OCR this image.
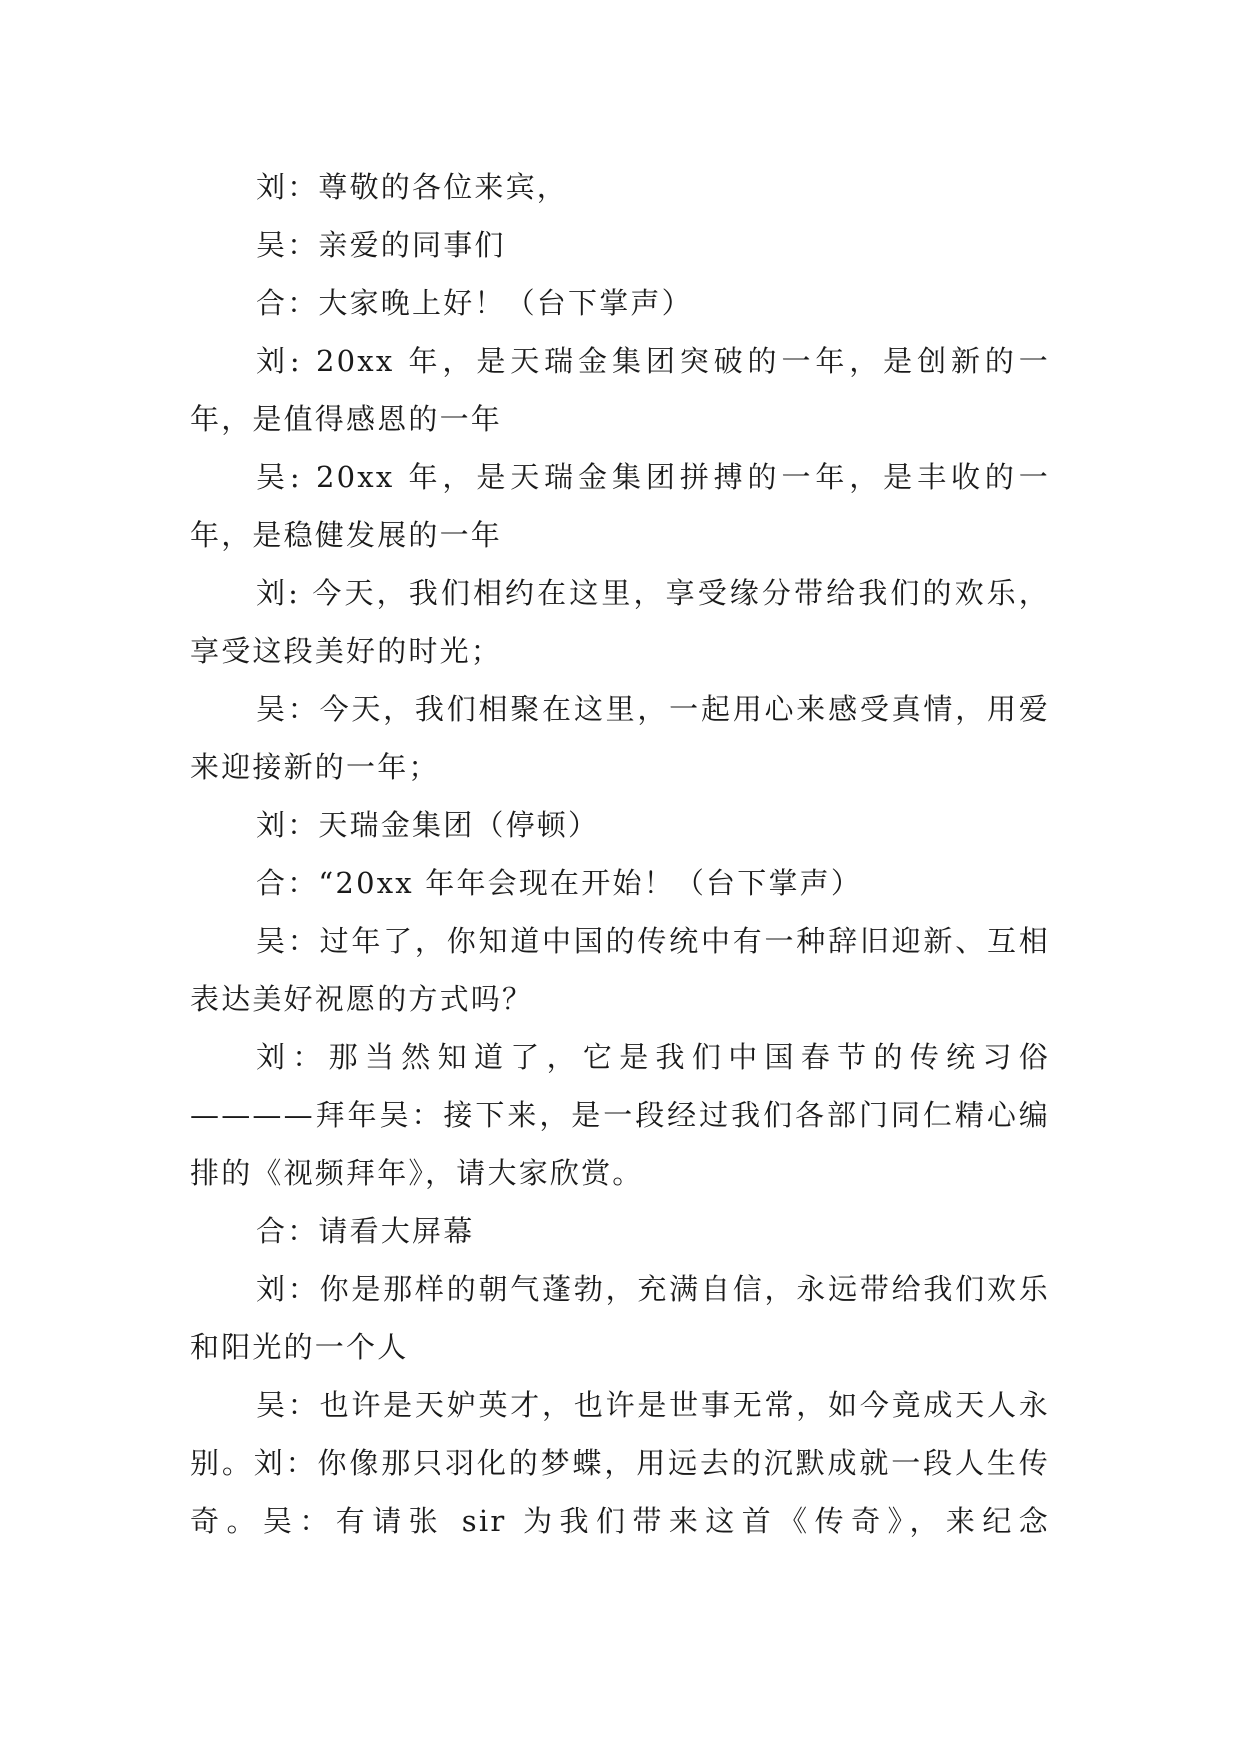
刘：尊敬的各位来宾，

吴：亲爱的同事们

合：大家晚上好！（台下掌声）

刘: 20xx 年，是天瑞金集团突破的一年，是创新的一年，是值得感恩的一年

吴: 20xx 年，是天瑞金集团拼搏的一年，是丰收的一年，是稳健发展的一年

刘: 今天，我们相约在这里，享受缘分带给我们的欢乐，享受这段美好的时光；

吴：今天，我们相聚在这里，一起用心来感受真情，用爱来迎接新的一年；

刘：天瑞金集团（停顿）

合：“20xx 年年会现在开始！（台下掌声）

吴：过年了，你知道中国的传统中有一种辞旧迎新、互相表达美好祝愿的方式吗？

刘：那当然知道了，它是我们中国春节的传统习俗————拜年吴：接下来，是一段经过我们各部门同仁精心编排的《视频拜年》，请大家欣赏。

合：请看大屏幕

刘：你是那样的朝气蓬勃，充满自信，永远带给我们欢乐和阳光的一个人

吴：也许是天妒英才，也许是世事无常，如今竟成天人永别。刘：你像那只羽化的梦蝶，用远去的沉默成就一段人生传奇。吴：有请张 sir 为我们带来这首《传奇》，来纪念
